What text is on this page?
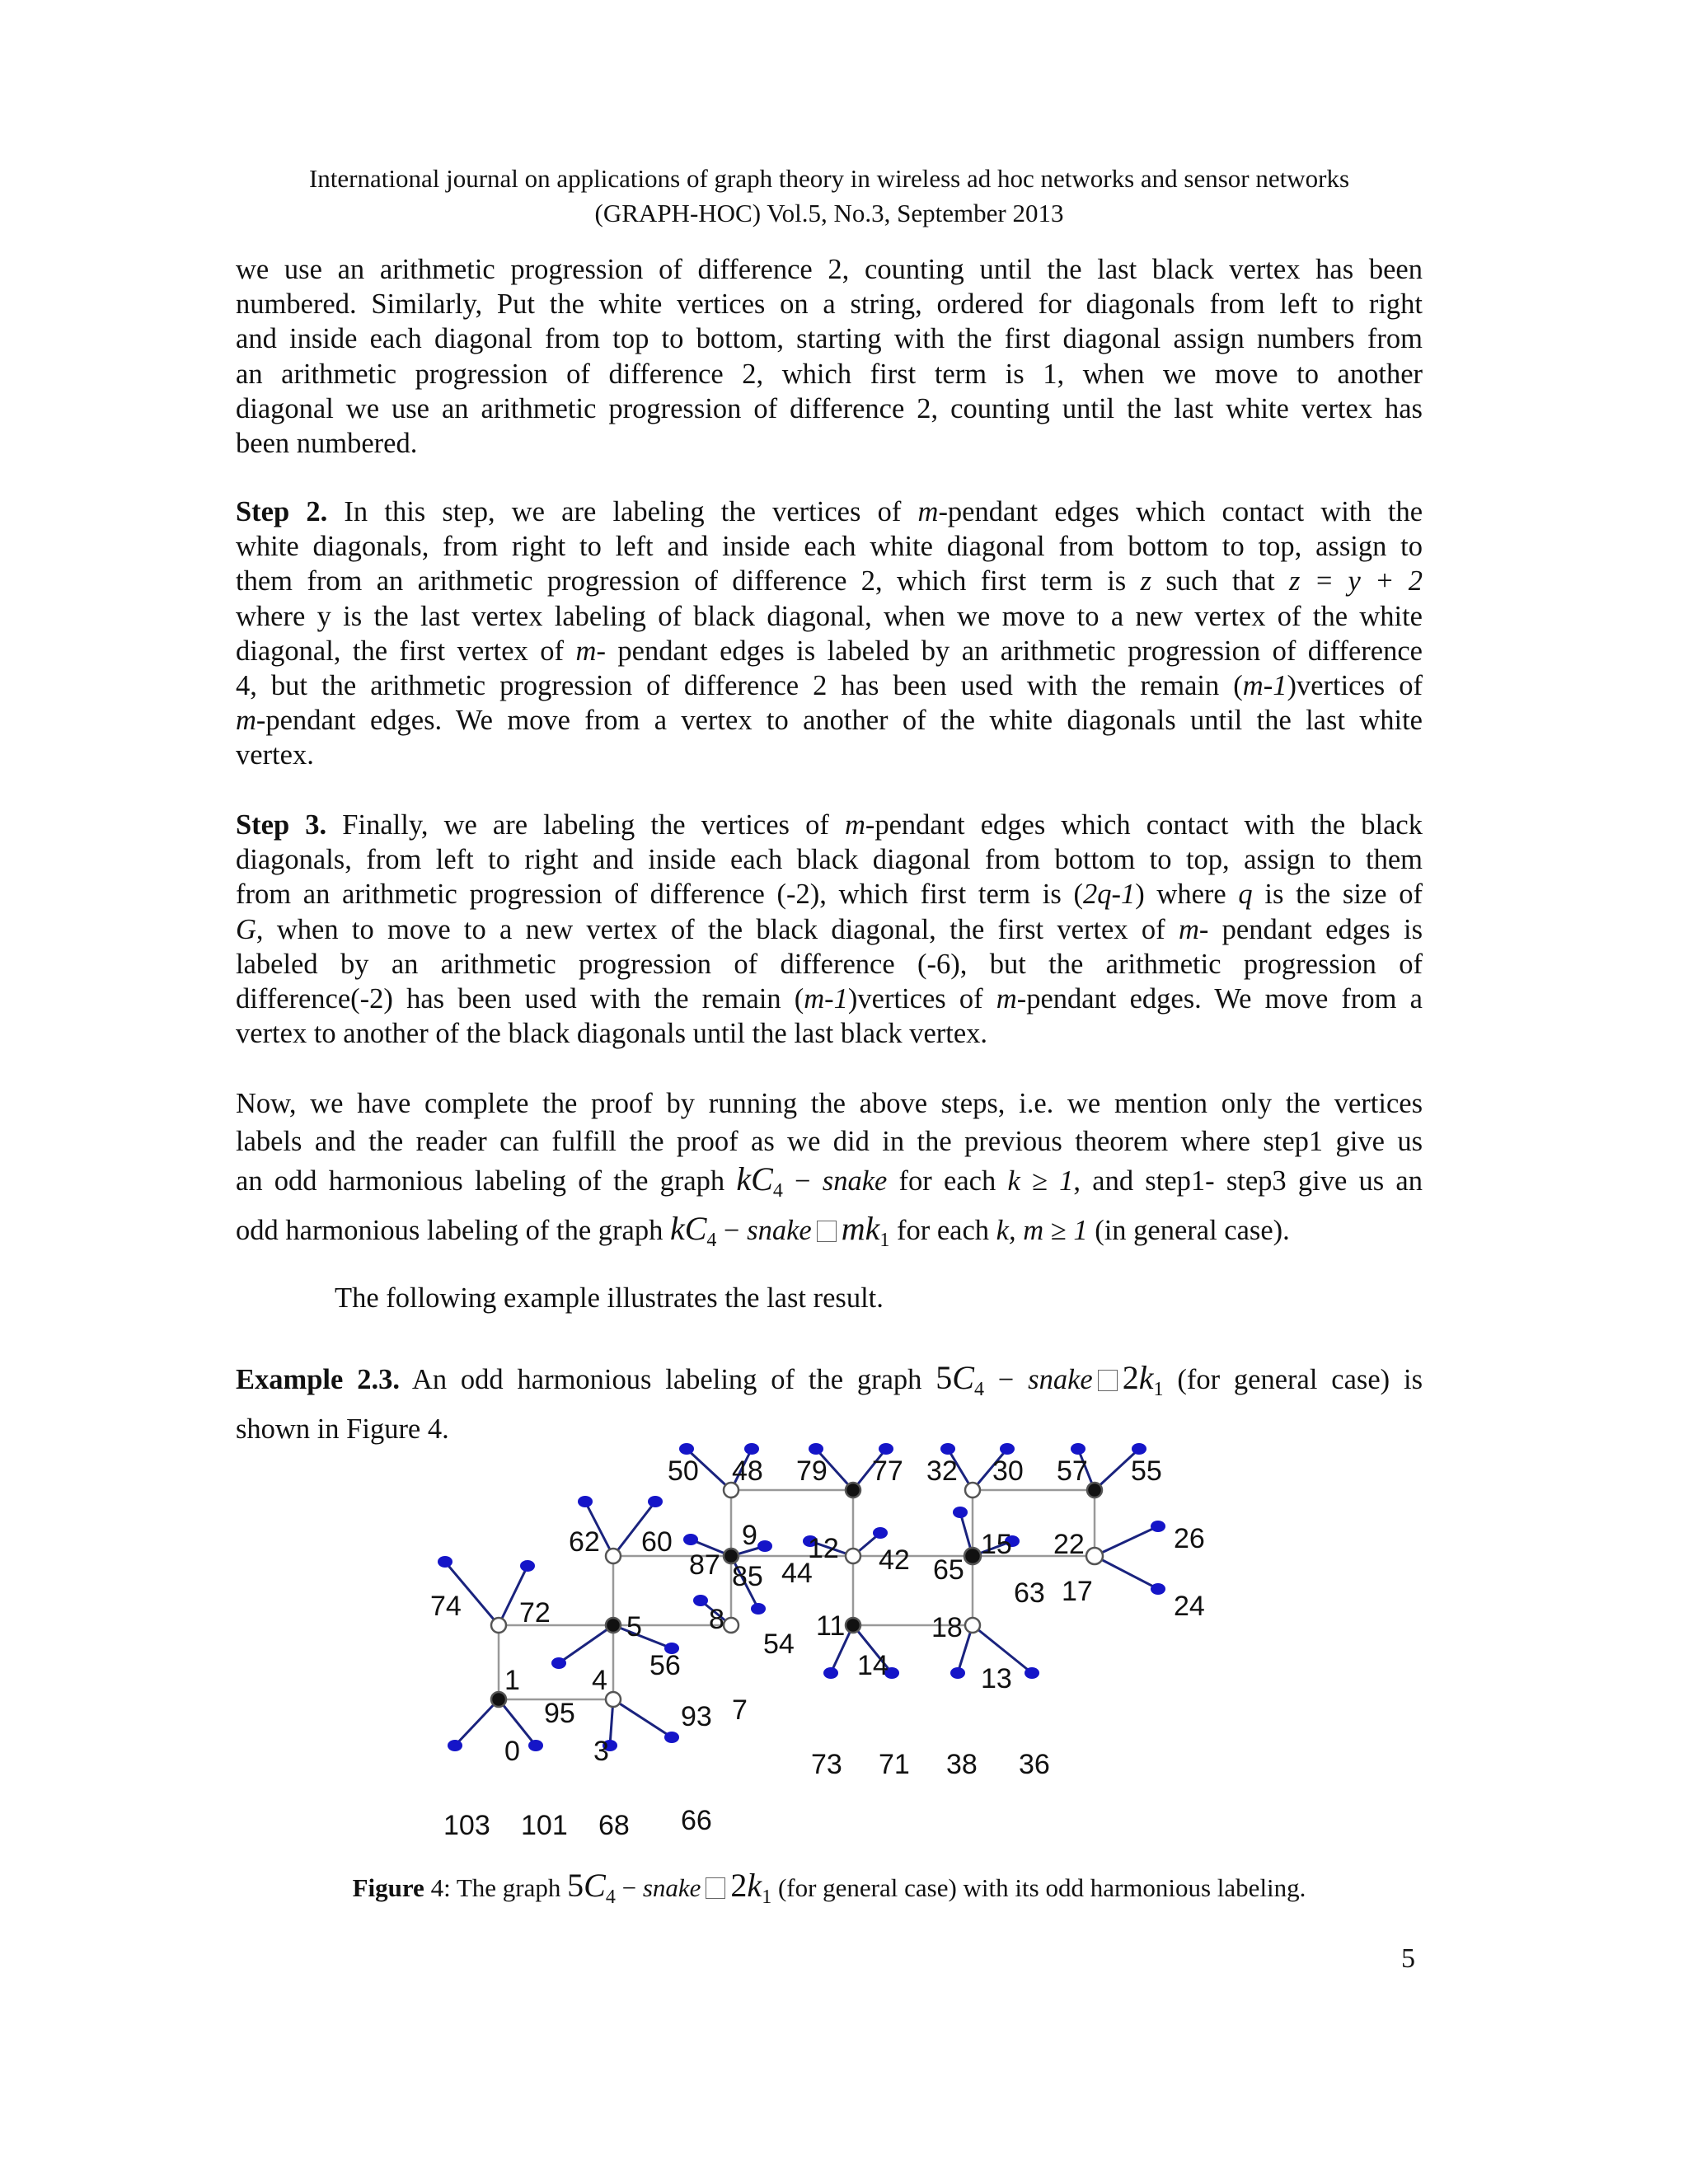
International journal on applications of graph theory in wireless ad hoc networks and sensor networks
(GRAPH-HOC) Vol.5, No.3, September 2013
we use an arithmetic progression of difference 2, counting until the last black vertex has been
numbered. Similarly, Put the white vertices on a string, ordered for diagonals from left to right
and inside each diagonal from top to bottom, starting with the first diagonal assign numbers from
an arithmetic progression of difference 2, which first term is 1, when we move to another
diagonal we use an arithmetic progression of difference 2, counting until the last white vertex has
been numbered.
Step 2. In this step, we are labeling the vertices of m-pendant edges which contact with the
white diagonals, from right to left and inside each white diagonal from bottom to top, assign to
them from an arithmetic progression of difference 2, which first term is z such that z = y + 2
where y is the last vertex labeling of black diagonal, when we move to a new vertex of the white
diagonal, the first vertex of m- pendant edges is labeled by an arithmetic progression of difference
4, but the arithmetic progression of difference 2 has been used with the remain (m-1)vertices of
m-pendant edges. We move from a vertex to another of the white diagonals until the last white
vertex.
Step 3. Finally, we are labeling the vertices of m-pendant edges which contact with the black
diagonals, from left to right and inside each black diagonal from bottom to top, assign to them
from an arithmetic progression of difference (-2), which first term is (2q-1) where q is the size of
G, when to move to a new vertex of the black diagonal, the first vertex of m- pendant edges is
labeled by an arithmetic progression of difference (-6), but the arithmetic progression of
difference(-2) has been used with the remain (m-1)vertices of m-pendant edges. We move from a
vertex to another of the black diagonals until the last black vertex.
Now, we have complete the proof by running the above steps, i.e. we mention only the vertices
labels and the reader can fulfill the proof as we did in the previous theorem where step1 give us
an odd harmonious labeling of the graph $kC_4$ − snake for each k ≥ 1, and step1- step3 give us an
odd harmonious labeling of the graph $kC_4$ − snake $mk_1$ for each k, m ≥ 1 (in general case).
The following example illustrates the last result.
Example 2.3. An odd harmonious labeling of the graph $5C_4$ − snake $2k_1$ (for general case) is
shown in Figure 4.
0
1
3
4
5
7
8
9
11
12
13
14
15
17
18
22
103 101
95
74 72
68 66
93
62 60
56
87 85
50 48
54
44 42
79 77
73 71
65
63
32 30
38 36
57 55
26
24
Figure 4: The graph $5C_4$ − snake $2k_1$ (for general case) with its odd harmonious labeling.
5
